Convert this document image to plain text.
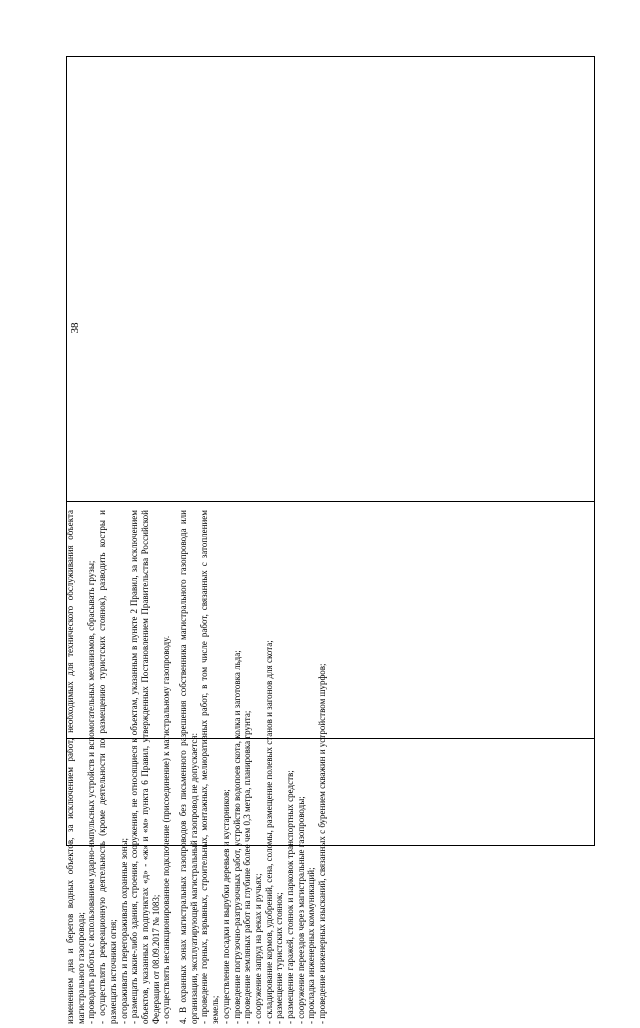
38

изменением дна и берегов водных объектов, за исключением работ, необходимых для технического обслуживания объекта магистрального газопровода; - проводить работы с использованием ударно-импульсных устройств и вспомогательных механизмов, сбрасывать грузы; - осуществлять рекреационную деятельность (кроме деятельности по размещению туристских стоянок), разводить костры и размещать источники огня; - огораживать и перегораживать охранные зоны; - размещать какие-либо здания, строения, сооружения, не относящиеся к объектам, указанным в пункте 2 Правил, за исключением объектов, указанных в подпунктах «д» - «ж» и «м» пункта 6 Правил, утвержденных Постановлением Правительства Российской Федерации от 08.09.2017 № 1083; - осуществлять несанкционированное подключение (присоединение) к магистральному газопроводу. 4. В охранных зонах магистральных газопроводов без письменного разрешения собственника магистрального газопровода или организации, эксплуатирующей магистральный газопровод не допускается: - проведение горных, взрывных, строительных, монтажных, мелиоративных работ, в том числе работ, связанных с затоплением земель; - осуществление посадки и вырубки деревьев и кустарников; - проведение погрузочно-разгрузочных работ, устройство водопоев скота, колка и заготовка льда; - проведение земляных работ на глубине более чем 0,3 метра, планировка грунта; - сооружение запруд на реках и ручьях; - складирование кормов, удобрений, сена, соломы, размещение полевых станов и загонов для скота; - размещение туристских стоянок; - размещение гаражей, стоянок и парковок транспортных средств; - сооружение переездов через магистральные газопроводы; - прокладка инженерных коммуникаций; - проведение инженерных изысканий, связанных с бурением скважин и устройством шурфов;
